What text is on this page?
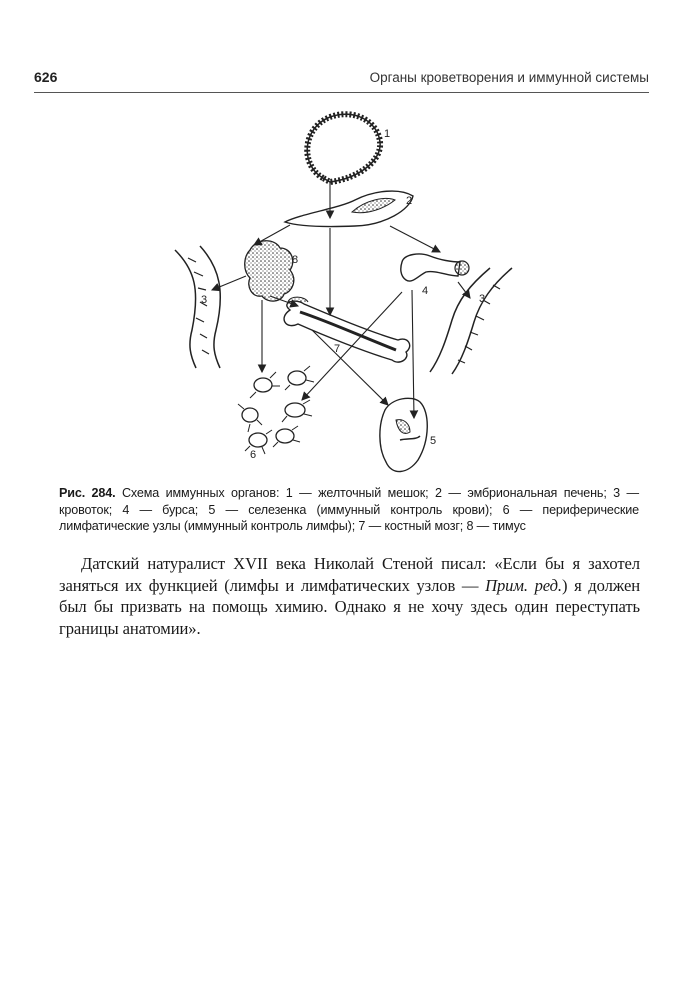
626	Органы кроветворения и иммунной системы
1
2
3	3
4
5
6
7
8
Рис. 284. Схема иммунных органов: 1 — желточный мешок; 2 — эмбриональная печень; 3 — кровоток; 4 — бурса; 5 — селезенка (иммунный контроль крови); 6 — периферические лимфатические узлы (иммунный контроль лимфы); 7 — костный мозг; 8 — тимус
Датский натуралист XVII века Николай Стеной писал: «Если бы я захотел заняться их функцией (лимфы и лимфатических узлов — Прим. ред.) я должен был бы призвать на помощь химию. Однако я не хочу здесь один переступать границы анатомии».
